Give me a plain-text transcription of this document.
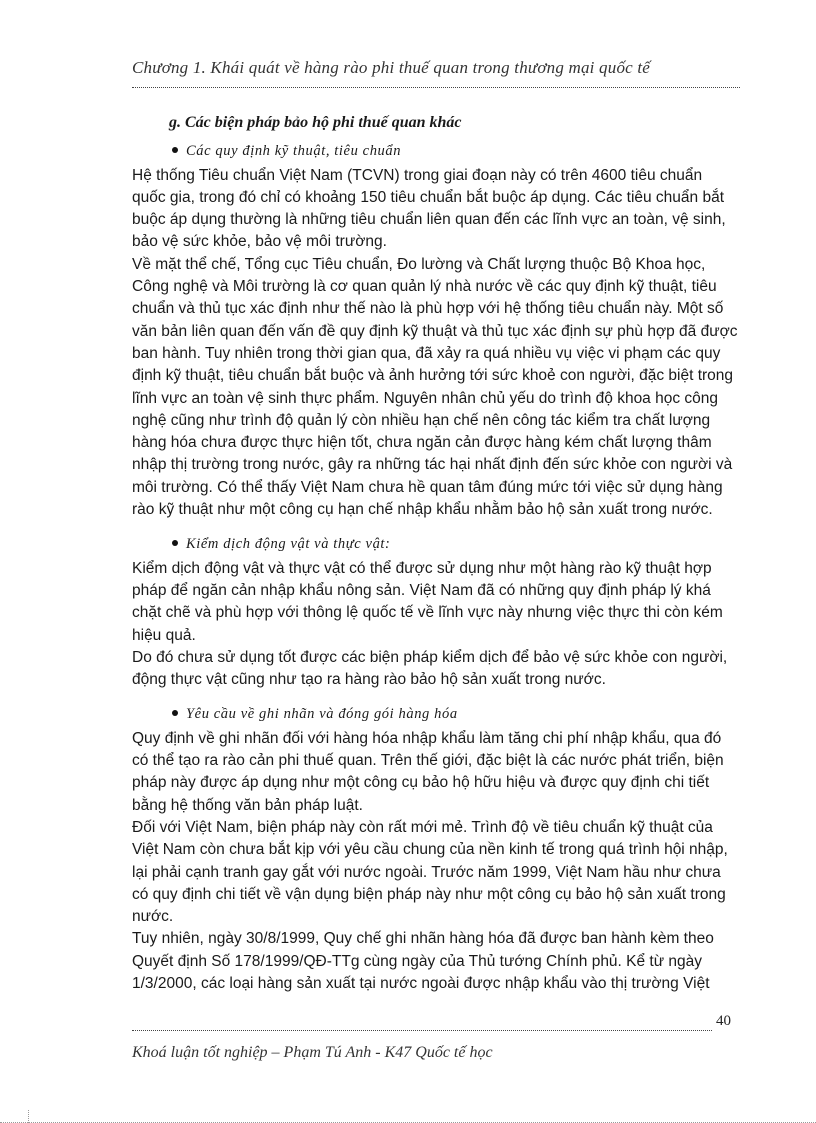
Chương 1. Khái quát về hàng rào phi thuế quan trong thương mại quốc tế

g. Các biện pháp bảo hộ phi thuế quan khác

Các quy định kỹ thuật, tiêu chuẩn

Hệ thống Tiêu chuẩn Việt Nam (TCVN) trong giai đoạn này có trên 4600 tiêu chuẩn quốc gia, trong đó chỉ có khoảng 150 tiêu chuẩn bắt buộc áp dụng. Các tiêu chuẩn bắt buộc áp dụng thường là những tiêu chuẩn liên quan đến các lĩnh vực an toàn, vệ sinh, bảo vệ sức khỏe, bảo vệ môi trường.

Về mặt thể chế, Tổng cục Tiêu chuẩn, Đo lường và Chất lượng thuộc Bộ Khoa học, Công nghệ và Môi trường là cơ quan quản lý nhà nước về các quy định kỹ thuật, tiêu chuẩn và thủ tục xác định như thế nào là phù hợp với hệ thống tiêu chuẩn này. Một số văn bản liên quan đến vấn đề quy định kỹ thuật và thủ tục xác định sự phù hợp đã được ban hành. Tuy nhiên trong thời gian qua, đã xảy ra quá nhiều vụ việc vi phạm các quy định kỹ thuật, tiêu chuẩn bắt buộc và ảnh hưởng tới sức khoẻ con người, đặc biệt trong lĩnh vực an toàn vệ sinh thực phẩm. Nguyên nhân chủ yếu do trình độ khoa học công nghệ cũng như trình độ quản lý còn nhiều hạn chế nên công tác kiểm tra chất lượng hàng hóa chưa được thực hiện tốt, chưa ngăn cản được hàng kém chất lượng thâm nhập thị trường trong nước, gây ra những tác hại nhất định đến sức khỏe con người và môi trường. Có thể thấy Việt Nam chưa hề quan tâm đúng mức tới việc sử dụng hàng rào kỹ thuật như một công cụ hạn chế nhập khẩu nhằm bảo hộ sản xuất trong nước.

Kiểm dịch động vật và thực vật:

Kiểm dịch động vật và thực vật có thể được sử dụng như một hàng rào kỹ thuật hợp pháp để ngăn cản nhập khẩu nông sản. Việt Nam đã có những quy định pháp lý khá chặt chẽ và phù hợp với thông lệ quốc tế về lĩnh vực này nhưng việc thực thi còn kém hiệu quả.

Do đó chưa sử dụng tốt được các biện pháp kiểm dịch để bảo vệ sức khỏe con người, động thực vật cũng như tạo ra hàng rào bảo hộ sản xuất trong nước.

Yêu cầu về ghi nhãn và đóng gói hàng hóa

Quy định về ghi nhãn đối với hàng hóa nhập khẩu làm tăng chi phí nhập khẩu, qua đó có thể tạo ra rào cản phi thuế quan. Trên thế giới, đặc biệt là các nước phát triển, biện pháp này được áp dụng như một công cụ bảo hộ hữu hiệu và được quy định chi tiết bằng hệ thống văn bản pháp luật.

Đối với Việt Nam, biện pháp này còn rất mới mẻ. Trình độ về tiêu chuẩn kỹ thuật của Việt Nam còn chưa bắt kịp với yêu cầu chung của nền kinh tế trong quá trình hội nhập, lại phải cạnh tranh gay gắt với nước ngoài. Trước năm 1999, Việt Nam hầu như chưa có quy định chi tiết về vận dụng biện pháp này như một công cụ bảo hộ sản xuất trong nước.

Tuy nhiên, ngày 30/8/1999, Quy chế ghi nhãn hàng hóa đã được ban hành kèm theo Quyết định Số 178/1999/QĐ-TTg cùng ngày của Thủ tướng Chính phủ. Kể từ ngày 1/3/2000, các loại hàng sản xuất tại nước ngoài được nhập khẩu vào thị trường Việt

40
Khoá luận tốt nghiệp – Phạm Tú Anh - K47 Quốc tế học
